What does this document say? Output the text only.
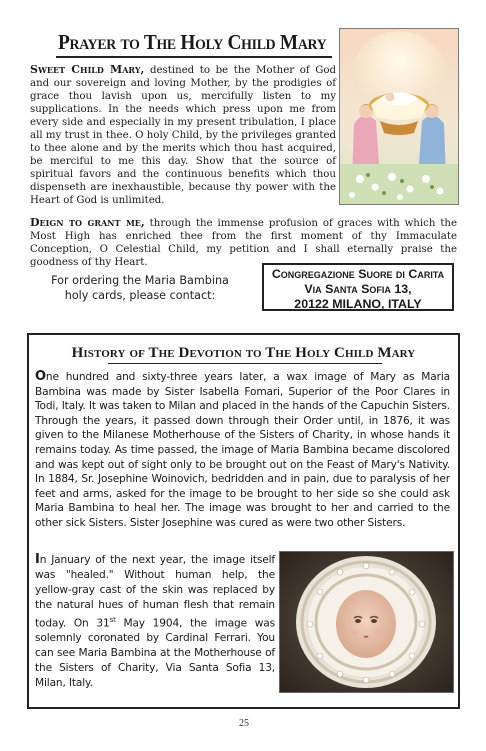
Prayer to The Holy Child Mary
Sweet Child Mary, destined to be the Mother of God and our sovereign and loving Mother, by the prodigies of grace thou lavish upon us, mercifully listen to my supplications. In the needs which press upon me from every side and especially in my present tribulation, I place all my trust in thee. O holy Child, by the privileges granted to thee alone and by the merits which thou hast acquired, be merciful to me this day. Show that the source of spiritual favors and the continuous benefits which thou dispenseth are inexhaustible, because thy power with the Heart of God is unlimited.
Deign to grant me, through the immense profusion of graces with which the Most High has enriched thee from the first moment of thy Immaculate Conception, O Celestial Child, my petition and I shall eternally praise the goodness of thy Heart.
For ordering the Maria Bambina holy cards, please contact:
Congregazione Suore di Carita
Via Santa Sofia 13,
20122 MILANO, ITALY
History of The Devotion to The Holy Child Mary
One hundred and sixty-three years later, a wax image of Mary as Maria Bambina was made by Sister Isabella Fomari, Superior of the Poor Clares in Todi, Italy. It was taken to Milan and placed in the hands of the Capuchin Sisters. Through the years, it passed down through their Order until, in 1876, it was given to the Milanese Motherhouse of the Sisters of Charity, in whose hands it remains today. As time passed, the image of Maria Bambina became discolored and was kept out of sight only to be brought out on the Feast of Mary's Nativity. In 1884, Sr. Josephine Woinovich, bedridden and in pain, due to paralysis of her feet and arms, asked for the image to be brought to her side so she could ask Maria Bambina to heal her. The image was brought to her and carried to the other sick Sisters. Sister Josephine was cured as were two other Sisters.
In January of the next year, the image itself was "healed." Without human help, the yellow-gray cast of the skin was replaced by the natural hues of human flesh that remain today. On 31st May 1904, the image was solemnly coronated by Cardinal Ferrari. You can see Maria Bambina at the Motherhouse of the Sisters of Charity, Via Santa Sofia 13, Milan, Italy.
25
